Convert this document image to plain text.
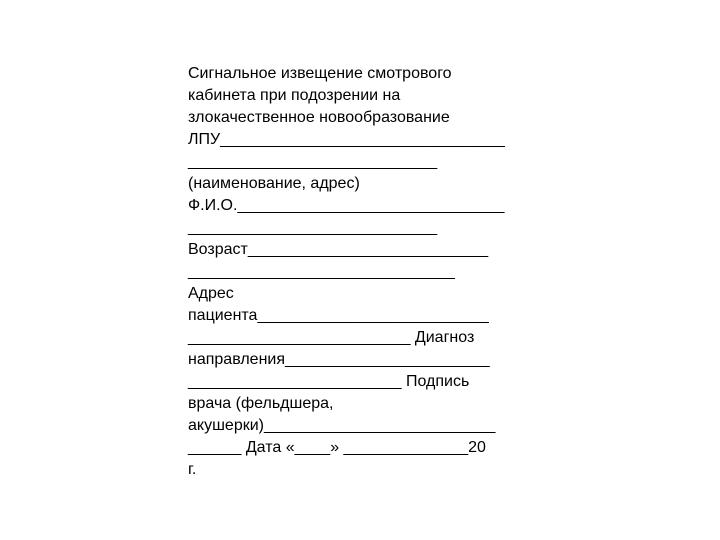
Сигнальное извещение смотрового
кабинета при подозрении на
злокачественное новообразование
ЛПУ________________________________
____________________________
(наименование, адрес)
Ф.И.О.______________________________
____________________________
Возраст___________________________
______________________________
Адрес
пациента__________________________
_________________________ Диагноз
направления_______________________
________________________ Подпись
врача (фельдшера,
акушерки)__________________________
______ Дата «____» ______________20
г.
